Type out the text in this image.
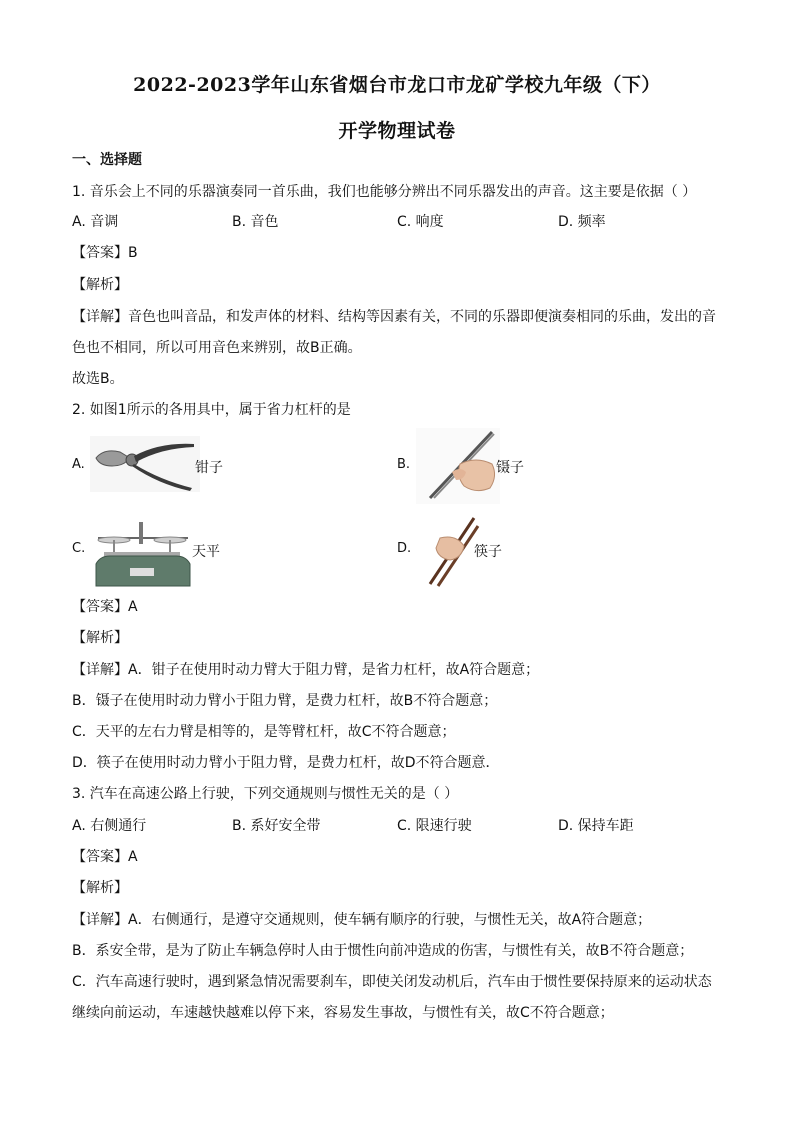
2022-2023学年山东省烟台市龙口市龙矿学校九年级（下）
开学物理试卷
一、选择题
1. 音乐会上不同的乐器演奏同一首乐曲，我们也能够分辨出不同乐器发出的声音。这主要是依据（ ）
A. 音调	B. 音色	C. 响度	D. 频率
【答案】B
【解析】
【详解】音色也叫音品，和发声体的材料、结构等因素有关，不同的乐器即便演奏相同的乐曲，发出的音
色也不相同，所以可用音色来辨别，故B正确。
故选B。
2. 如图1所示的各用具中，属于省力杠杆的是
A.	钳子	B.	镊子
C.	天平	D.	筷子
【答案】A
【解析】
【详解】A．钳子在使用时动力臂大于阻力臂，是省力杠杆，故A符合题意；
B．镊子在使用时动力臂小于阻力臂，是费力杠杆，故B不符合题意；
C．天平的左右力臂是相等的，是等臂杠杆，故C不符合题意；
D．筷子在使用时动力臂小于阻力臂，是费力杠杆，故D不符合题意．
3. 汽车在高速公路上行驶，下列交通规则与惯性无关的是（ ）
A. 右侧通行	B. 系好安全带	C. 限速行驶	D. 保持车距
【答案】A
【解析】
【详解】A．右侧通行，是遵守交通规则，使车辆有顺序的行驶，与惯性无关，故A符合题意；
B．系安全带，是为了防止车辆急停时人由于惯性向前冲造成的伤害，与惯性有关，故B不符合题意；
C．汽车高速行驶时，遇到紧急情况需要刹车，即使关闭发动机后，汽车由于惯性要保持原来的运动状态
继续向前运动，车速越快越难以停下来，容易发生事故，与惯性有关，故C不符合题意；
